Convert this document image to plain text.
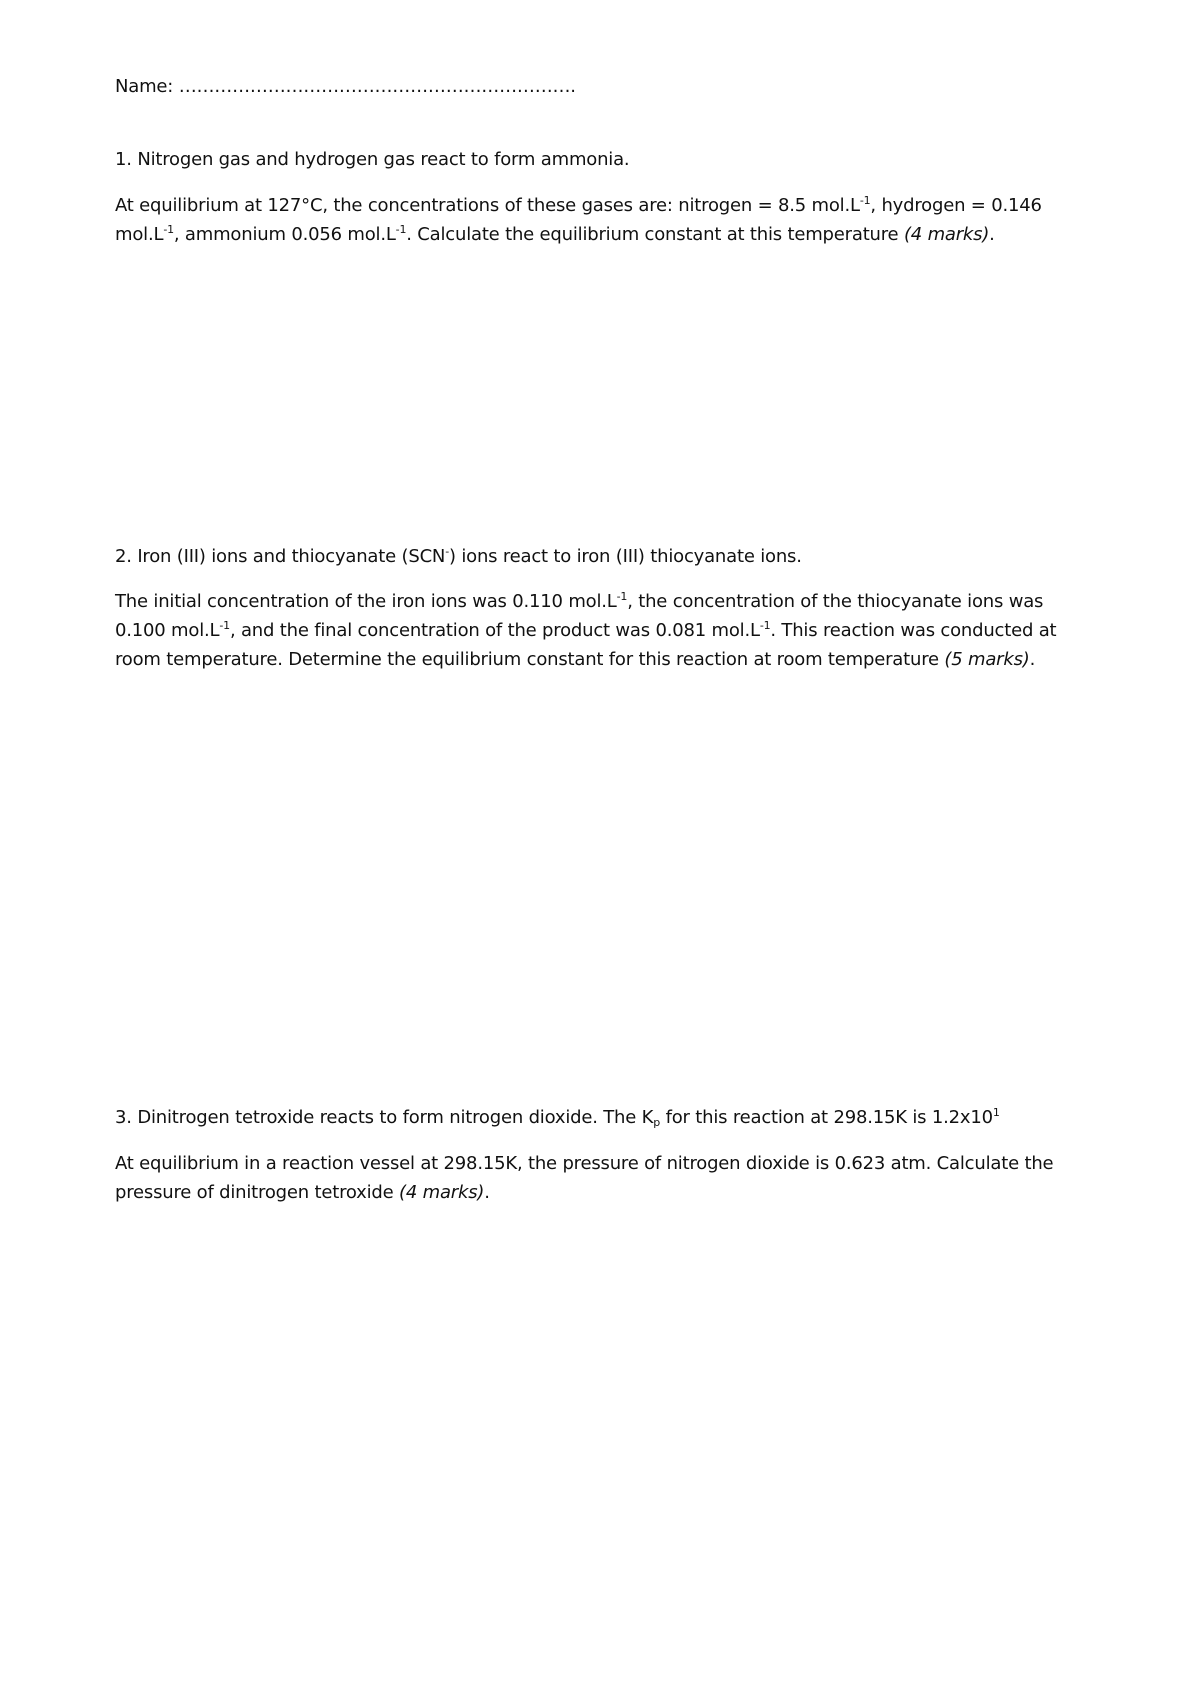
Name: ………………………………………………………….
1. Nitrogen gas and hydrogen gas react to form ammonia.
At equilibrium at 127°C, the concentrations of these gases are: nitrogen = 8.5 $mol.L^{-1}$, hydrogen = 0.146
$mol.L^{-1}$, ammonium 0.056 $mol.L^{-1}$. Calculate the equilibrium constant at this temperature (4 marks).
2. Iron (III) ions and thiocyanate (SCN-) ions react to iron (III) thiocyanate ions.
The initial concentration of the iron ions was 0.110 $mol.L^{-1}$, the concentration of the thiocyanate ions was
0.100 $mol.L^{-1}$, and the final concentration of the product was 0.081 $mol.L^{-1}$. This reaction was conducted at
room temperature. Determine the equilibrium constant for this reaction at room temperature (5 marks).
3. Dinitrogen tetroxide reacts to form nitrogen dioxide. The $K_p$ for this reaction at 298.15K is $1.2x10^1$
At equilibrium in a reaction vessel at 298.15K, the pressure of nitrogen dioxide is 0.623 atm. Calculate the
pressure of dinitrogen tetroxide (4 marks).
